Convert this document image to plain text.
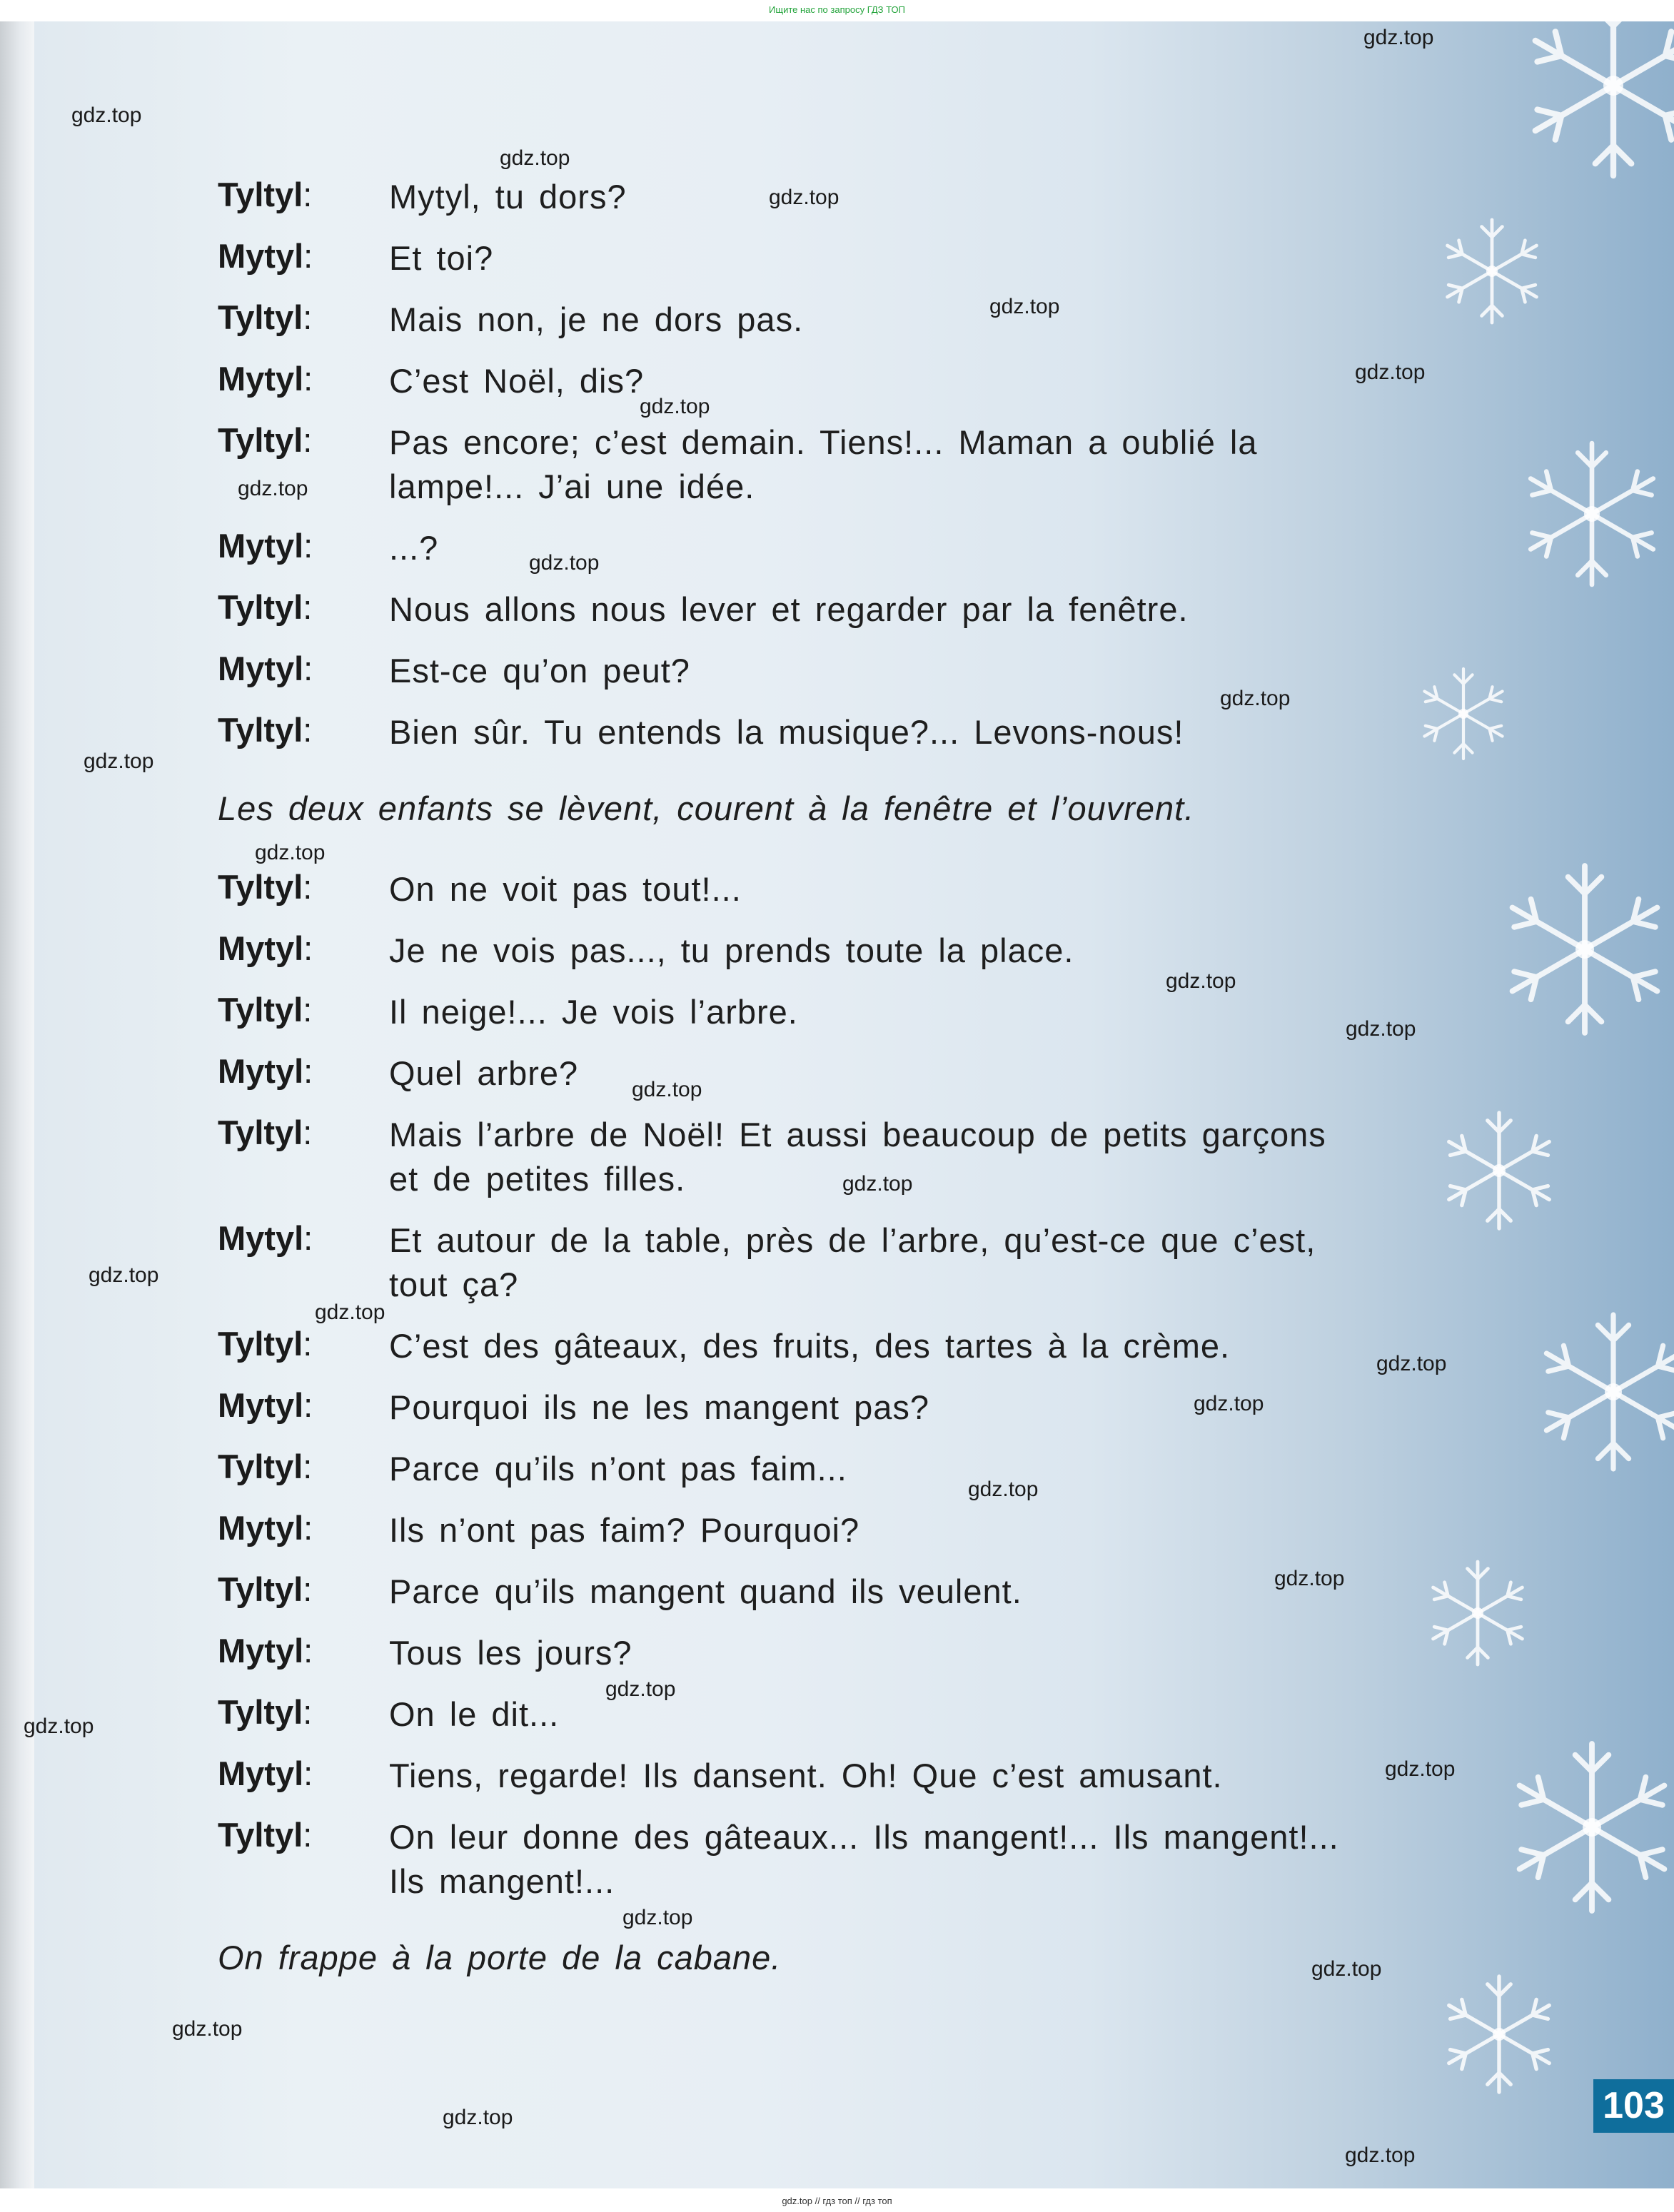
Ищите нас по запросу ГДЗ ТОП
Tyltyl: Mytyl, tu dors?
Mytyl: Et toi?
Tyltyl: Mais non, je ne dors pas.
Mytyl: C’est Noël, dis?
Tyltyl: Pas encore; c’est demain. Tiens!... Maman a oublié la
lampe!... J’ai une idée.
Mytyl: ...?
Tyltyl: Nous allons nous lever et regarder par la fenêtre.
Mytyl: Est-ce qu’on peut?
Tyltyl: Bien sûr. Tu entends la musique?... Levons-nous!
Les deux enfants se lèvent, courent à la fenêtre et l’ouvrent.
Tyltyl: On ne voit pas tout!...
Mytyl: Je ne vois pas..., tu prends toute la place.
Tyltyl: Il neige!... Je vois l’arbre.
Mytyl: Quel arbre?
Tyltyl: Mais l’arbre de Noël! Et aussi beaucoup de petits garçons
et de petites filles.
Mytyl: Et autour de la table, près de l’arbre, qu’est-ce que c’est,
tout ça?
Tyltyl: C’est des gâteaux, des fruits, des tartes à la crème.
Mytyl: Pourquoi ils ne les mangent pas?
Tyltyl: Parce qu’ils n’ont pas faim...
Mytyl: Ils n’ont pas faim? Pourquoi?
Tyltyl: Parce qu’ils mangent quand ils veulent.
Mytyl: Tous les jours?
Tyltyl: On le dit...
Mytyl: Tiens, regarde! Ils dansent. Oh! Que c’est amusant.
Tyltyl: On leur donne des gâteaux... Ils mangent!... Ils mangent!...
Ils mangent!...
On frappe à la porte de la cabane.
gdz.top
gdz.top
gdz.top
gdz.top
gdz.top
gdz.top
gdz.top
gdz.top
gdz.top
gdz.top
gdz.top
gdz.top
gdz.top
gdz.top
gdz.top
gdz.top
gdz.top
gdz.top
gdz.top
gdz.top
gdz.top
gdz.top
gdz.top
gdz.top
gdz.top
gdz.top
gdz.top
gdz.top
gdz.top
gdz.top
103
gdz.top // гдз топ // гдз топ
